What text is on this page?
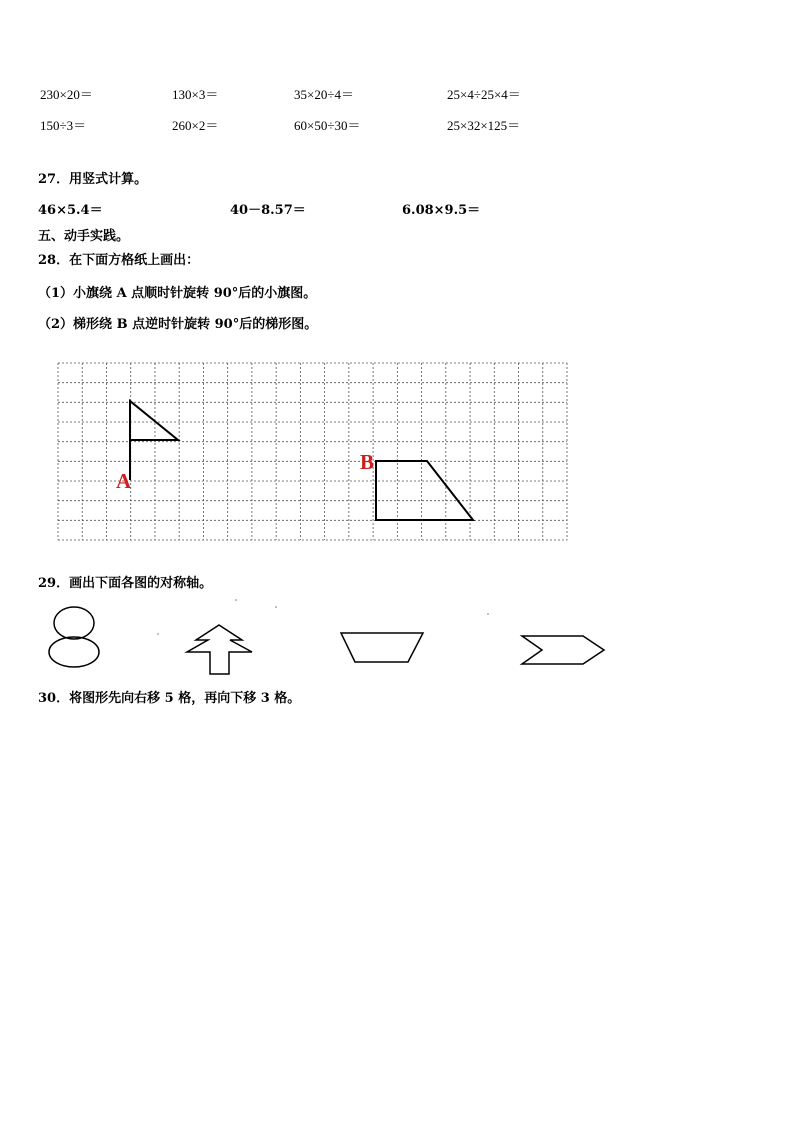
230×20＝	130×3＝	35×20÷4＝	25×4÷25×4＝
150÷3＝	260×2＝	60×50÷30＝	25×32×125＝
27．用竖式计算。
46×5.4＝	40－8.57＝	6.08×9.5＝
五、动手实践。
28．在下面方格纸上画出：
（1）小旗绕 A 点顺时针旋转 90°后的小旗图。
（2）梯形绕 B 点逆时针旋转 90°后的梯形图。
A
B
29．画出下面各图的对称轴。
30．将图形先向右移 5 格，再向下移 3 格。
